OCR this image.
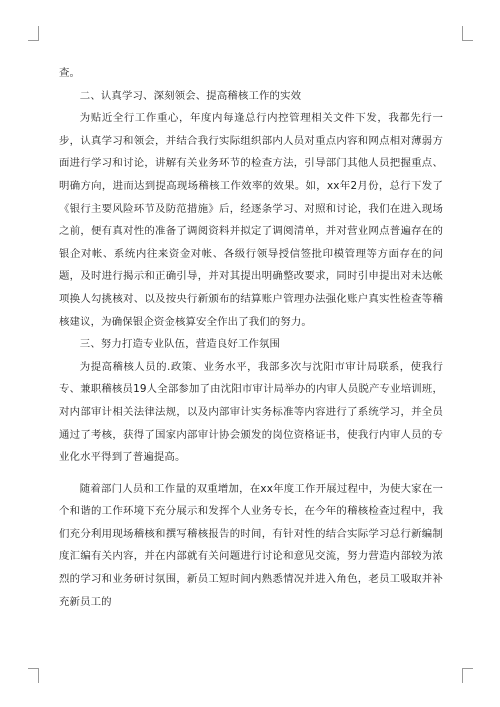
查。

二、认真学习、深刻领会、提高稽核工作的实效

为贴近全行工作重心，年度内每逢总行内控管理相关文件下发，我都先行一步，认真学习和领会，并结合我行实际组织部内人员对重点内容和网点相对薄弱方面进行学习和讨论，讲解有关业务环节的检查方法，引导部门其他人员把握重点、明确方向，进而达到提高现场稽核工作效率的效果。如，xx年2月份，总行下发了《银行主要风险环节及防范措施》后，经逐条学习、对照和讨论，我们在进入现场之前，便有真对性的准备了调阅资料并拟定了调阅清单，并对营业网点普遍存在的银企对帐、系统内往来资金对帐、各级行领导授信签批印模管理等方面存在的问题，及时进行揭示和正确引导，并对其提出明确整改要求，同时引申提出对未达帐项换人勾挑核对、以及按央行新颁布的结算账户管理办法强化账户真实性检查等稽核建议，为确保银企资金核算安全作出了我们的努力。

三、努力打造专业队伍，营造良好工作氛围

为提高稽核人员的.政策、业务水平，我部多次与沈阳市审计局联系，使我行专、兼职稽核员19人全部参加了由沈阳市审计局举办的内审人员脱产专业培训班，对内部审计相关法律法规，以及内部审计实务标准等内容进行了系统学习，并全员通过了考核，获得了国家内部审计协会颁发的岗位资格证书，使我行内审人员的专业化水平得到了普遍提高。

随着部门人员和工作量的双重增加，在xx年度工作开展过程中，为使大家在一个和谐的工作环境下充分展示和发挥个人业务专长，在今年的稽核检查过程中，我们充分利用现场稽核和撰写稽核报告的时间，有针对性的结合实际学习总行新编制度汇编有关内容，并在内部就有关问题进行讨论和意见交流，努力营造内部较为浓烈的学习和业务研讨氛围，新员工短时间内熟悉情况并进入角色，老员工吸取并补充新员工的
